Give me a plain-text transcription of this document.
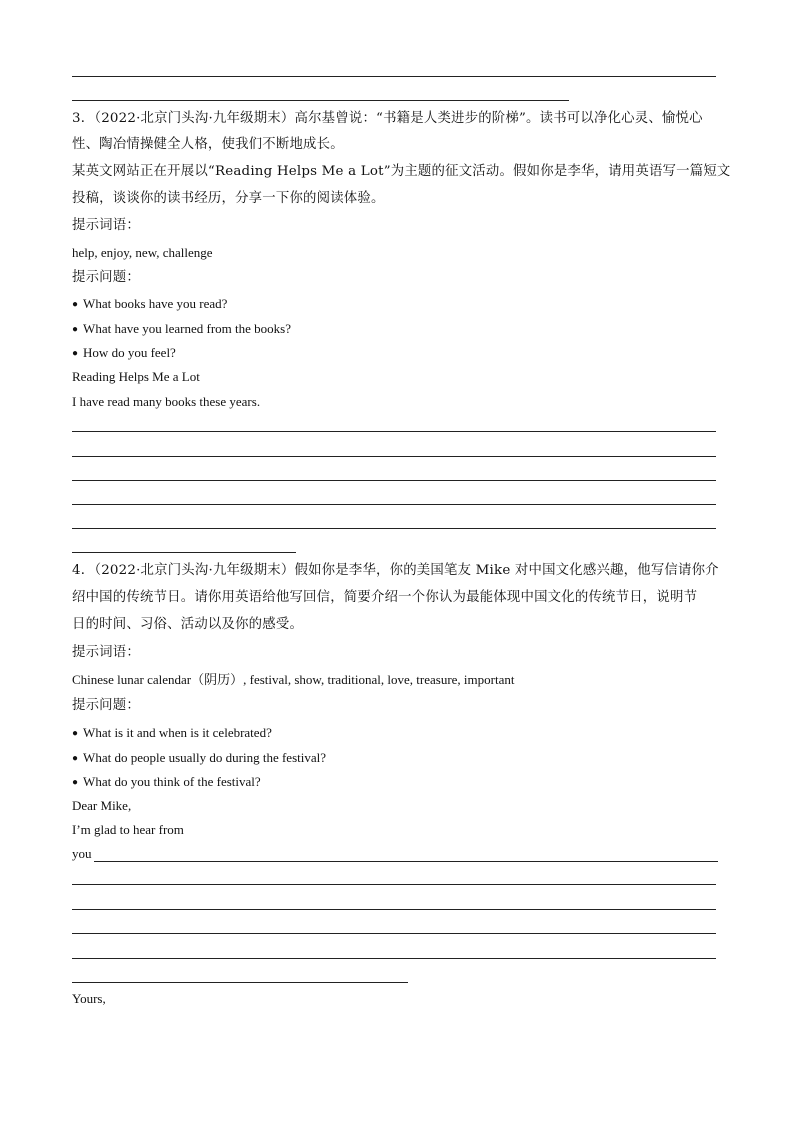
3．（2022·北京门头沟·九年级期末）高尔基曾说：“书籍是人类进步的阶梯”。读书可以净化心灵、愉悦心
性、陶冶情操健全人格，使我们不断地成长。
某英文网站正在开展以“Reading Helps Me a Lot”为主题的征文活动。假如你是李华，请用英语写一篇短文
投稿，谈谈你的读书经历，分享一下你的阅读体验。
提示词语：
help, enjoy, new, challenge
提示问题：
● What books have you read?
● What have you learned from the books?
● How do you feel?
Reading Helps Me a Lot
I have read many books these years.
4．（2022·北京门头沟·九年级期末）假如你是李华，你的美国笔友 Mike 对中国文化感兴趣，他写信请你介
绍中国的传统节日。请你用英语给他写回信，简要介绍一个你认为最能体现中国文化的传统节日，说明节
日的时间、习俗、活动以及你的感受。
提示词语：
Chinese lunar calendar（阴历）, festival, show, traditional, love, treasure, important
提示问题：
● What is it and when is it celebrated?
● What do people usually do during the festival?
● What do you think of the festival?
Dear Mike,
I’m glad to hear from
you
Yours,
